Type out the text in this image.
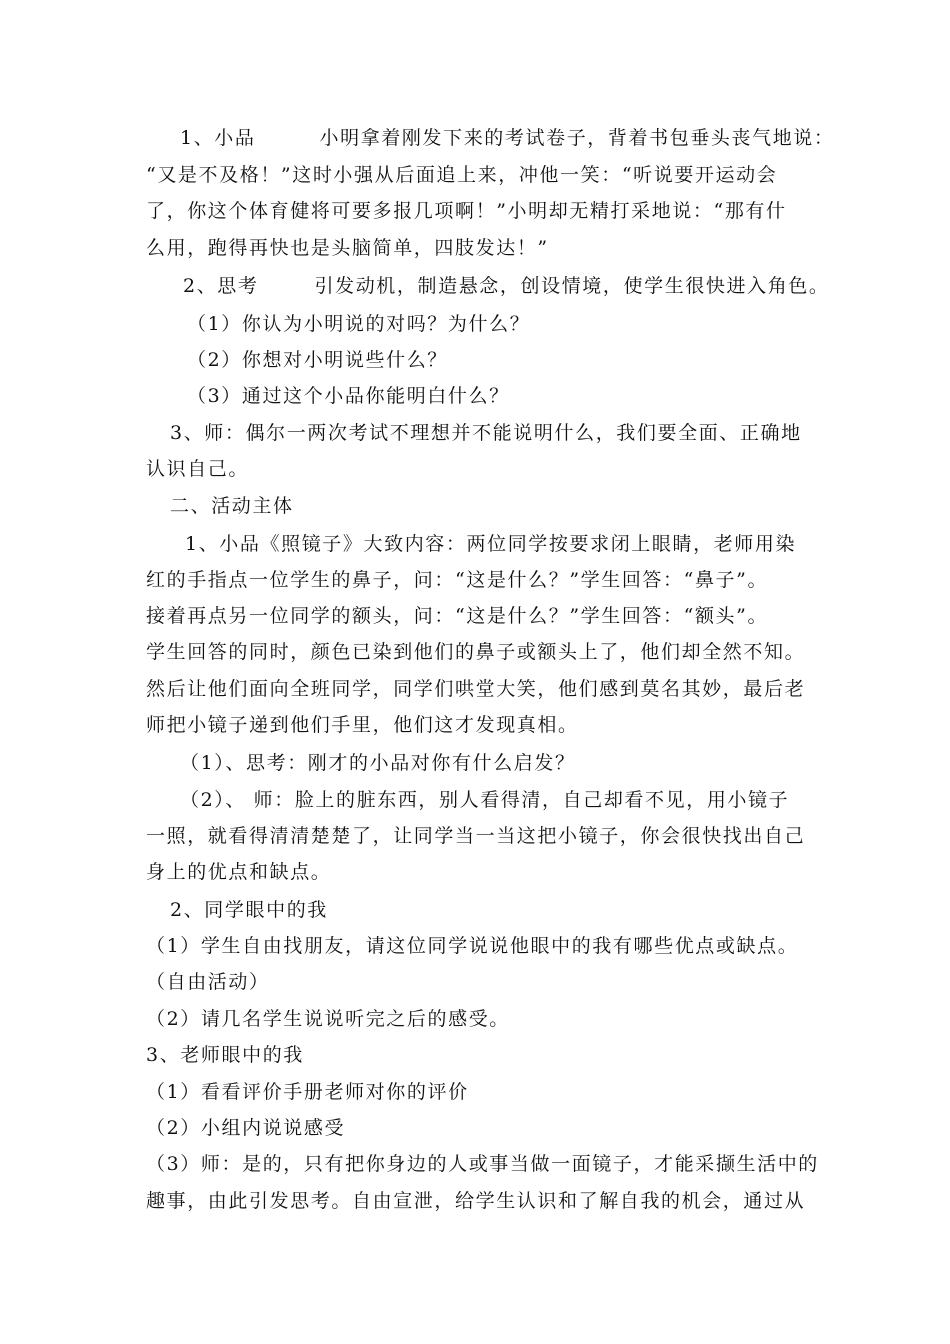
1、小品	小明拿着刚发下来的考试卷子，背着书包垂头丧气地说：
“又是不及格！”这时小强从后面追上来，冲他一笑：“听说要开运动会
了，你这个体育健将可要多报几项啊！”小明却无精打采地说：“那有什
么用，跑得再快也是头脑简单，四肢发达！”
2、思考	引发动机，制造悬念，创设情境，使学生很快进入角色。
（1）你认为小明说的对吗？为什么？
（2）你想对小明说些什么？
（3）通过这个小品你能明白什么？
3、师：偶尔一两次考试不理想并不能说明什么，我们要全面、正确地
认识自己。
二、活动主体
1、小品《照镜子》大致内容：两位同学按要求闭上眼睛，老师用染
红的手指点一位学生的鼻子，问：“这是什么？”学生回答：“鼻子”。
接着再点另一位同学的额头，问：“这是什么？”学生回答：“额头”。
学生回答的同时，颜色已染到他们的鼻子或额头上了，他们却全然不知。
然后让他们面向全班同学，同学们哄堂大笑，他们感到莫名其妙，最后老
师把小镜子递到他们手里，他们这才发现真相。
（1）、思考：刚才的小品对你有什么启发？
（2）、 师：脸上的脏东西，别人看得清，自己却看不见，用小镜子
一照，就看得清清楚楚了，让同学当一当这把小镜子，你会很快找出自己
身上的优点和缺点。
2、同学眼中的我
（1）学生自由找朋友，请这位同学说说他眼中的我有哪些优点或缺点。
（自由活动）
（2）请几名学生说说听完之后的感受。
3、老师眼中的我
（1）看看评价手册老师对你的评价
（2）小组内说说感受
（3）师：是的，只有把你身边的人或事当做一面镜子，才能采撷生活中的
趣事，由此引发思考。自由宣泄，给学生认识和了解自我的机会，通过从
